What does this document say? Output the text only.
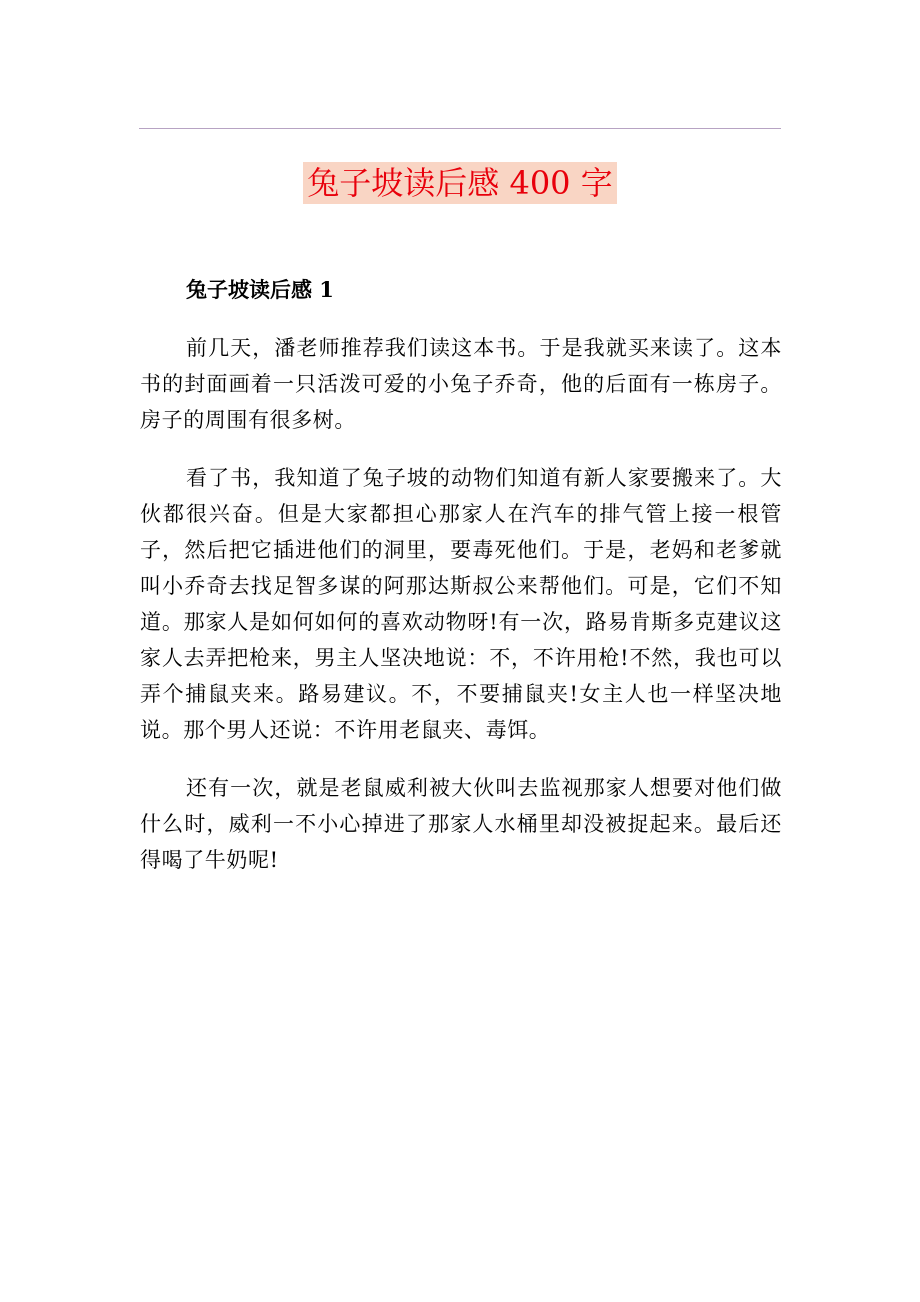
兔子坡读后感 400 字

兔子坡读后感 1

前几天，潘老师推荐我们读这本书。于是我就买来读了。这本书的封面画着一只活泼可爱的小兔子乔奇，他的后面有一栋房子。房子的周围有很多树。

看了书，我知道了兔子坡的动物们知道有新人家要搬来了。大伙都很兴奋。但是大家都担心那家人在汽车的排气管上接一根管子，然后把它插进他们的洞里，要毒死他们。于是，老妈和老爹就叫小乔奇去找足智多谋的阿那达斯叔公来帮他们。可是，它们不知道。那家人是如何如何的喜欢动物呀!有一次，路易肯斯多克建议这家人去弄把枪来，男主人坚决地说：不，不许用枪!不然，我也可以弄个捕鼠夹来。路易建议。不，不要捕鼠夹!女主人也一样坚决地说。那个男人还说：不许用老鼠夹、毒饵。

还有一次，就是老鼠威利被大伙叫去监视那家人想要对他们做什么时，威利一不小心掉进了那家人水桶里却没被捉起来。最后还得喝了牛奶呢!
